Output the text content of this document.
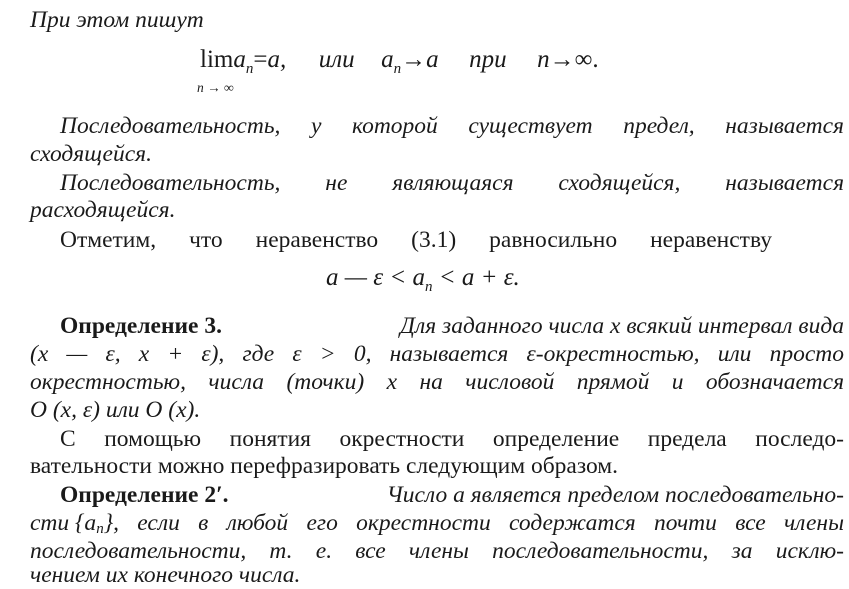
При этом пишут
lima$_n$=a, или $a_n\to a$ при n→∞.
n → ∞
Последовательность, у которой существует предел, называется
сходящейся.
Последовательность, не являющаяся сходящейся, называется
расходящейся.
Отметим, что неравенство (3.1) равносильно неравенству
a — $\varepsilon < a_n < a + \varepsilon$.
Определение 3.	Для заданного числа x всякий интервал вида
(x — ε, x + ε), где ε > 0, называется ε-окрестностью, или просто
окрестностью, числа (точки) x на числовой прямой и обозначается
O (x, ε) или O (x).
С помощью понятия окрестности определение предела последо-
вательности можно перефразировать следующим образом.
Определение 2′.	Число a является пределом последовательно-
сти {a n }, если в любой его окрестности содержатся почти все члены
последовательности, т. е. все члены последовательности, за исклю-
чением их конечного числа.
